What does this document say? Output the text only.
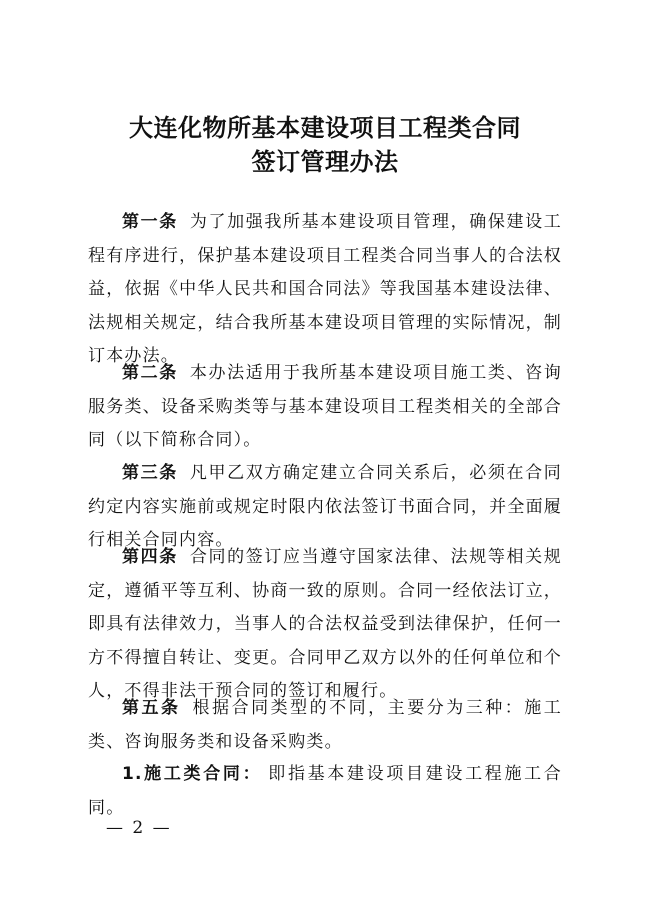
大连化物所基本建设项目工程类合同
签订管理办法
第一条 为了加强我所基本建设项目管理，确保建设工程有序进行，保护基本建设项目工程类合同当事人的合法权益，依据《中华人民共和国合同法》等我国基本建设法律、法规相关规定，结合我所基本建设项目管理的实际情况，制订本办法。
第二条 本办法适用于我所基本建设项目施工类、咨询服务类、设备采购类等与基本建设项目工程类相关的全部合同（以下简称合同）。
第三条 凡甲乙双方确定建立合同关系后，必须在合同约定内容实施前或规定时限内依法签订书面合同，并全面履行相关合同内容。
第四条 合同的签订应当遵守国家法律、法规等相关规定，遵循平等互利、协商一致的原则。合同一经依法订立，即具有法律效力，当事人的合法权益受到法律保护，任何一方不得擅自转让、变更。合同甲乙双方以外的任何单位和个人，不得非法干预合同的签订和履行。
第五条 根据合同类型的不同，主要分为三种：施工类、咨询服务类和设备采购类。
1.施工类合同： 即指基本建设项目建设工程施工合同。
— 2 —
